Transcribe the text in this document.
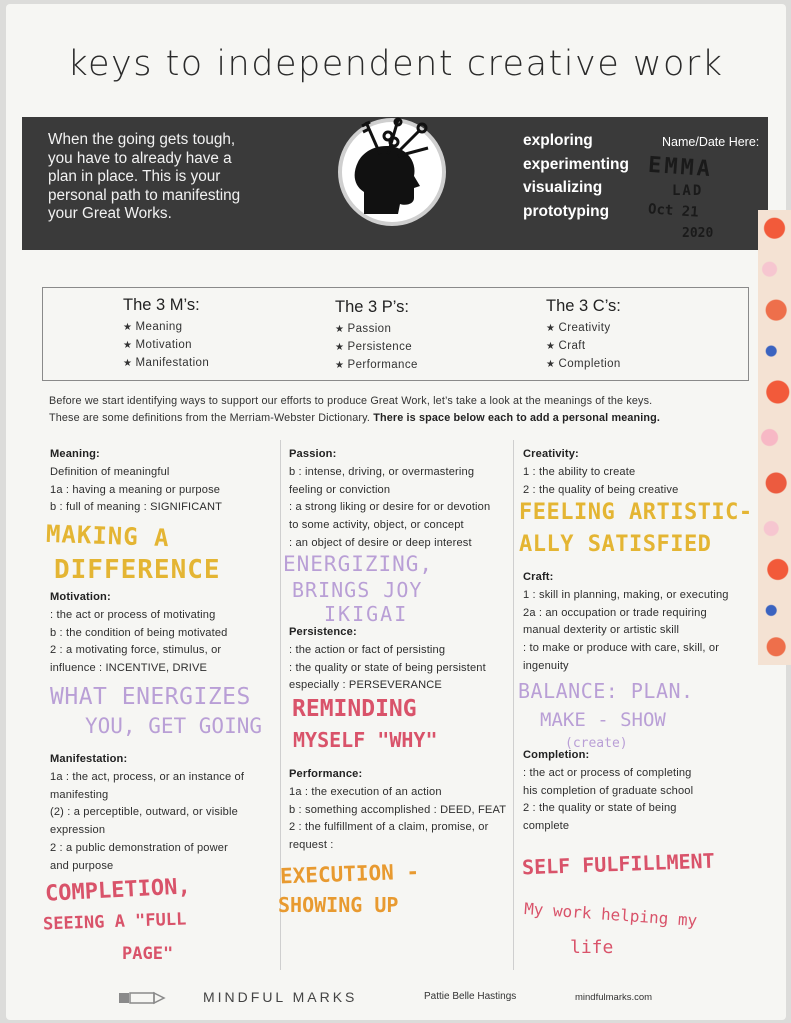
keys to independent creative work
When the going gets tough,
you have to already have a
plan in place. This is your
personal path to manifesting
your Great Works.
exploring
experimenting
visualizing
prototyping
Name/Date Here:
EMMA
LAD
Oct 21
2020
The 3 M’s:
★ Meaning
★ Motivation
★ Manifestation
The 3 P’s:
★ Passion
★ Persistence
★ Performance
The 3 C’s:
★ Creativity
★ Craft
★ Completion
Before we start identifying ways to support our efforts to produce Great Work, let’s take a look at the meanings of the keys.
These are some definitions from the Merriam-Webster Dictionary. There is space below each to add a personal meaning.
Meaning:
Definition of meaningful
1a : having a meaning or purpose
b : full of meaning : SIGNIFICANT
MAKING A
DIFFERENCE
Motivation:
: the act or process of motivating
b : the condition of being motivated
2 : a motivating force, stimulus, or
influence : INCENTIVE, DRIVE
WHAT ENERGIZES
YOU, GET GOING
Manifestation:
1a : the act, process, or an instance of
manifesting
(2) : a perceptible, outward, or visible
expression
2 : a public demonstration of power
and purpose
COMPLETION,
SEEING A "FULL
PAGE"
Passion:
b : intense, driving, or overmastering
feeling or conviction
: a strong liking or desire for or devotion
to some activity, object, or concept
: an object of desire or deep interest
ENERGIZING,
BRINGS JOY
IKIGAI
Persistence:
: the action or fact of persisting
: the quality or state of being persistent
especially : PERSEVERANCE
REMINDING
MYSELF "WHY"
Performance:
1a : the execution of an action
b : something accomplished : DEED, FEAT
2 : the fulfillment of a claim, promise, or
request :
EXECUTION -
SHOWING UP
Creativity:
1 : the ability to create
2 : the quality of being creative
FEELING ARTISTIC-
ALLY SATISFIED
Craft:
1 : skill in planning, making, or executing
2a : an occupation or trade requiring
manual dexterity or artistic skill
: to make or produce with care, skill, or
ingenuity
BALANCE: PLAN.
MAKE - SHOW
(create)
Completion:
: the act or process of completing
his completion of graduate school
2 : the quality or state of being
complete
SELF FULFILLMENT
My work helping my
life
MINDFUL MARKS	Pattie Belle Hastings	mindfulmarks.com
